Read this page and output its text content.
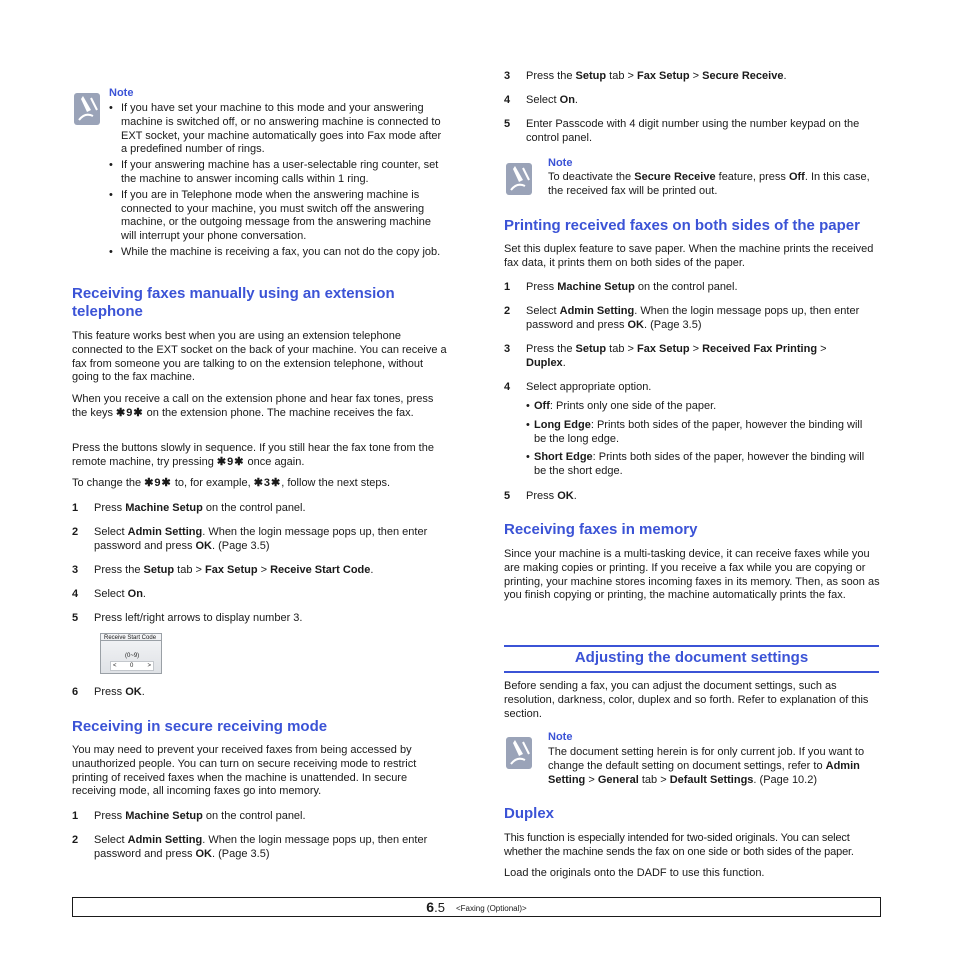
Note
• If you have set your machine to this mode and your answering machine is switched off, or no answering machine is connected to EXT socket, your machine automatically goes into Fax mode after a predefined number of rings.
• If your answering machine has a user-selectable ring counter, set the machine to answer incoming calls within 1 ring.
• If you are in Telephone mode when the answering machine is connected to your machine, you must switch off the answering machine, or the outgoing message from the answering machine will interrupt your phone conversation.
• While the machine is receiving a fax, you can not do the copy job.
Receiving faxes manually using an extension telephone

This feature works best when you are using an extension telephone connected to the EXT socket on the back of your machine. You can receive a fax from someone you are talking to on the extension telephone, without going to the fax machine.

When you receive a call on the extension phone and hear fax tones, press the keys ✱9✱ on the extension phone. The machine receives the fax.

Press the buttons slowly in sequence. If you still hear the fax tone from the remote machine, try pressing ✱9✱ once again.

To change the ✱9✱ to, for example, ✱3✱, follow the next steps.

1 Press Machine Setup on the control panel.
2 Select Admin Setting. When the login message pops up, then enter password and press OK. (Page 3.5)
3 Press the Setup tab > Fax Setup > Receive Start Code.
4 Select On.
5 Press left/right arrows to display number 3.
Receive Start Code
(0~9)
< 0 >
6 Press OK.
Receiving in secure receiving mode

You may need to prevent your received faxes from being accessed by unauthorized people. You can turn on secure receiving mode to restrict printing of received faxes when the machine is unattended. In secure receiving mode, all incoming faxes go into memory.

1 Press Machine Setup on the control panel.
2 Select Admin Setting. When the login message pops up, then enter password and press OK. (Page 3.5)
3 Press the Setup tab > Fax Setup > Secure Receive.
4 Select On.
5 Enter Passcode with 4 digit number using the number keypad on the control panel.
Note
To deactivate the Secure Receive feature, press Off. In this case, the received fax will be printed out.
Printing received faxes on both sides of the paper

Set this duplex feature to save paper. When the machine prints the received fax data, it prints them on both sides of the paper.

1 Press Machine Setup on the control panel.
2 Select Admin Setting. When the login message pops up, then enter password and press OK. (Page 3.5)
3 Press the Setup tab > Fax Setup > Received Fax Printing > Duplex.
4 Select appropriate option.
• Off: Prints only one side of the paper.
• Long Edge: Prints both sides of the paper, however the binding will be the long edge.
• Short Edge: Prints both sides of the paper, however the binding will be the short edge.
5 Press OK.
Receiving faxes in memory

Since your machine is a multi-tasking device, it can receive faxes while you are making copies or printing. If you receive a fax while you are copying or printing, your machine stores incoming faxes in its memory. Then, as soon as you finish copying or printing, the machine automatically prints the fax.

Adjusting the document settings

Before sending a fax, you can adjust the document settings, such as resolution, darkness, color, duplex and so forth. Refer to explanation of this section.

Note
The document setting herein is for only current job. If you want to change the default setting on document settings, refer to Admin Setting > General tab > Default Settings. (Page 10.2)
Duplex

This function is especially intended for two-sided originals. You can select whether the machine sends the fax on one side or both sides of the paper.

Load the originals onto the DADF to use this function.

6.5 <Faxing (Optional)>
